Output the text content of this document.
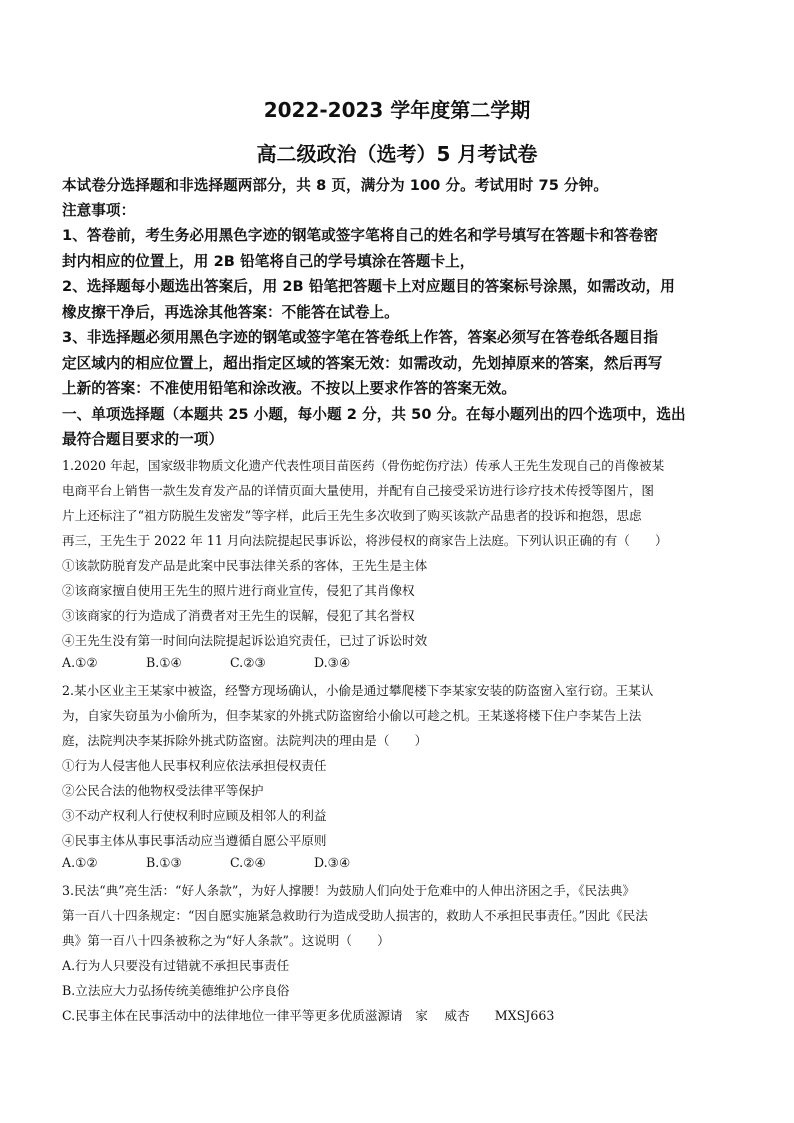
2022-2023 学年度第二学期
高二级政治（选考）5 月考试卷
本试卷分选择题和非选择题两部分，共 8 页，满分为 100 分。考试用时 75 分钟。
注意事项：
1、答卷前，考生务必用黑色字迹的钢笔或签字笔将自己的姓名和学号填写在答题卡和答卷密
封内相应的位置上，用 2B 铅笔将自己的学号填涂在答题卡上，
2、选择题每小题选出答案后，用 2B 铅笔把答题卡上对应题目的答案标号涂黑，如需改动，用
橡皮擦干净后，再选涂其他答案：不能答在试卷上。
3、非选择题必须用黑色字迹的钢笔或签字笔在答卷纸上作答，答案必须写在答卷纸各题目指
定区域内的相应位置上，超出指定区域的答案无效：如需改动，先划掉原来的答案，然后再写
上新的答案：不准使用铅笔和涂改液。不按以上要求作答的答案无效。
一、单项选择题（本题共 25 小题，每小题 2 分，共 50 分。在每小题列出的四个选项中，选出
最符合题目要求的一项）
1.2020 年起，国家级非物质文化遗产代表性项目苗医药（骨伤蛇伤疗法）传承人王先生发现自己的肖像被某
电商平台上销售一款生发育发产品的详情页面大量使用，并配有自己接受采访进行诊疗技术传授等图片，图
片上还标注了“祖方防脱生发密发”等字样，此后王先生多次收到了购买该款产品患者的投诉和抱怨，思虑
再三，王先生于 2022 年 11 月向法院提起民事诉讼，将涉侵权的商家告上法庭。下列认识正确的有（　　）
①该款防脱育发产品是此案中民事法律关系的客体，王先生是主体
②该商家擅自使用王先生的照片进行商业宣传，侵犯了其肖像权
③该商家的行为造成了消费者对王先生的误解，侵犯了其名誉权
④王先生没有第一时间向法院提起诉讼追究责任，已过了诉讼时效
A.①②	B.①④	C.②③	D.③④
2.某小区业主王某家中被盗，经警方现场确认，小偷是通过攀爬楼下李某家安装的防盗窗入室行窃。王某认
为，自家失窃虽为小偷所为，但李某家的外挑式防盗窗给小偷以可趁之机。王某遂将楼下住户李某告上法
庭，法院判决李某拆除外挑式防盗窗。法院判决的理由是（　　）
①行为人侵害他人民事权利应依法承担侵权责任
②公民合法的他物权受法律平等保护
③不动产权利人行使权利时应顾及相邻人的利益
④民事主体从事民事活动应当遵循自愿公平原则
A.①②	B.①③	C.②④	D.③④
3.民法“典”亮生活：“好人条款”，为好人撑腰！为鼓励人们向处于危难中的人伸出济困之手，《民法典》
第一百八十四条规定：“因自愿实施紧急救助行为造成受助人损害的，救助人不承担民事责任。”因此《民法
典》第一百八十四条被称之为“好人条款”。这说明（　　）
A.行为人只要没有过错就不承担民事责任
B.立法应大力弘扬传统美德维护公序良俗
C.民事主体在民事活动中的法律地位一律平等更多优质滋源请　家　 威杏　　MXSJ663
